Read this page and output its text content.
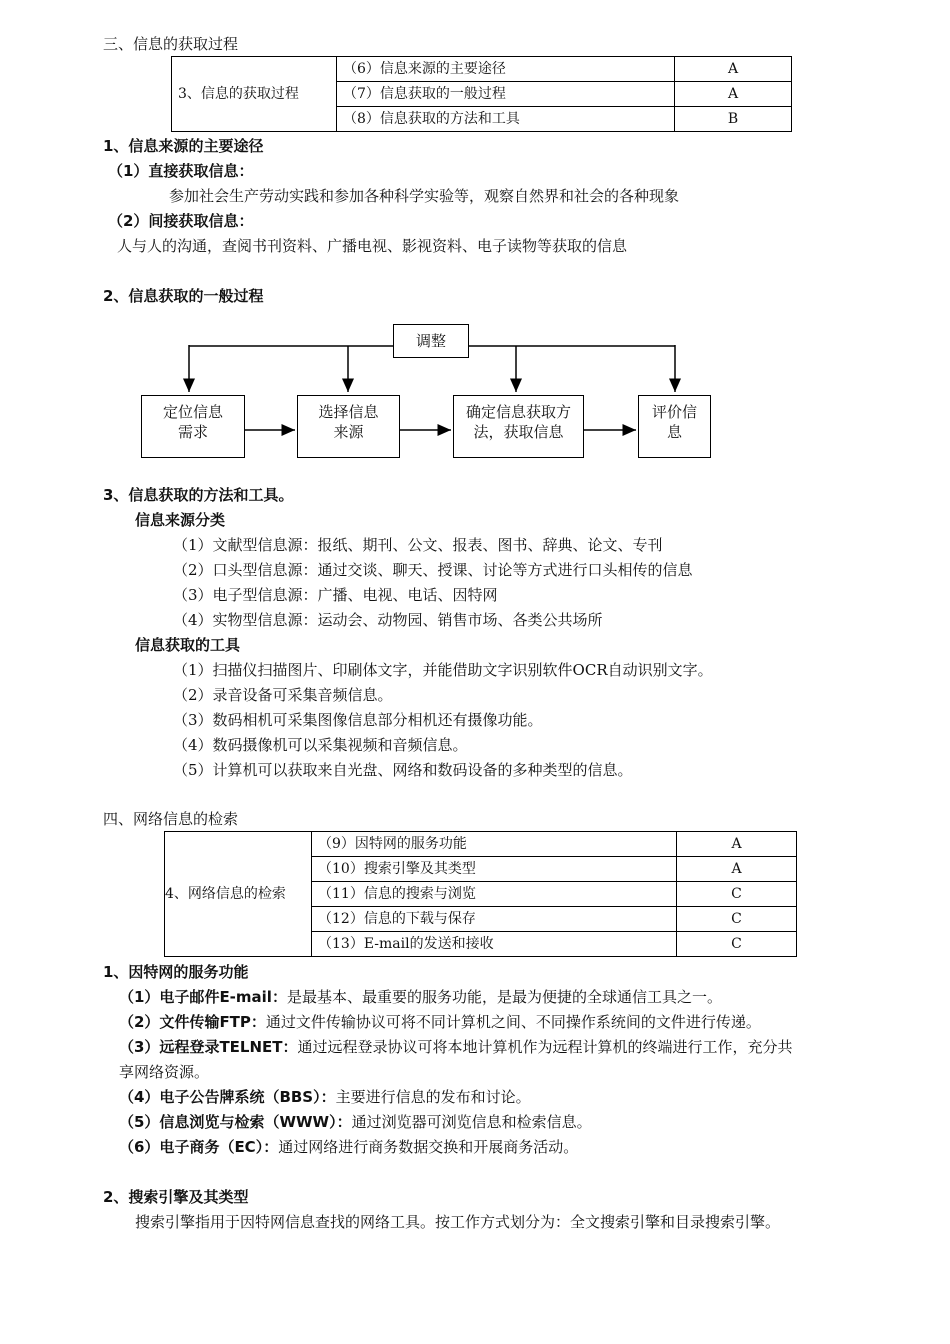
三、信息的获取过程
3、信息的获取过程	（6）信息来源的主要途径	A
	（7）信息获取的一般过程	A
	（8）信息获取的方法和工具	B
1、信息来源的主要途径
（1）直接获取信息：
参加社会生产劳动实践和参加各种科学实验等，观察自然界和社会的各种现象
（2）间接获取信息：
人与人的沟通，查阅书刊资料、广播电视、影视资料、电子读物等获取的信息
2、信息获取的一般过程
调整
定位信息需求
选择信息来源
确定信息获取方法，获取信息
评价信息
3、信息获取的方法和工具。
信息来源分类
（1）文献型信息源：报纸、期刊、公文、报表、图书、辞典、论文、专刊
（2）口头型信息源：通过交谈、聊天、授课、讨论等方式进行口头相传的信息
（3）电子型信息源：广播、电视、电话、因特网
（4）实物型信息源：运动会、动物园、销售市场、各类公共场所
信息获取的工具
（1）扫描仪扫描图片、印刷体文字，并能借助文字识别软件OCR自动识别文字。
（2）录音设备可采集音频信息。
（3）数码相机可采集图像信息部分相机还有摄像功能。
（4）数码摄像机可以采集视频和音频信息。
（5）计算机可以获取来自光盘、网络和数码设备的多种类型的信息。
四、网络信息的检索
4、网络信息的检索	（9）因特网的服务功能	A
	（10）搜索引擎及其类型	A
	（11）信息的搜索与浏览	C
	（12）信息的下载与保存	C
	（13）E-mail的发送和接收	C
1、因特网的服务功能
（1）电子邮件E-mail：是最基本、最重要的服务功能，是最为便捷的全球通信工具之一。
（2）文件传输FTP：通过文件传输协议可将不同计算机之间、不同操作系统间的文件进行传递。
（3）远程登录TELNET：通过远程登录协议可将本地计算机作为远程计算机的终端进行工作，充分共
享网络资源。
（4）电子公告牌系统（BBS）：主要进行信息的发布和讨论。
（5）信息浏览与检索（WWW）：通过浏览器可浏览信息和检索信息。
（6）电子商务（EC）：通过网络进行商务数据交换和开展商务活动。
2、搜索引擎及其类型
搜索引擎指用于因特网信息查找的网络工具。按工作方式划分为：全文搜索引擎和目录搜索引擎。
